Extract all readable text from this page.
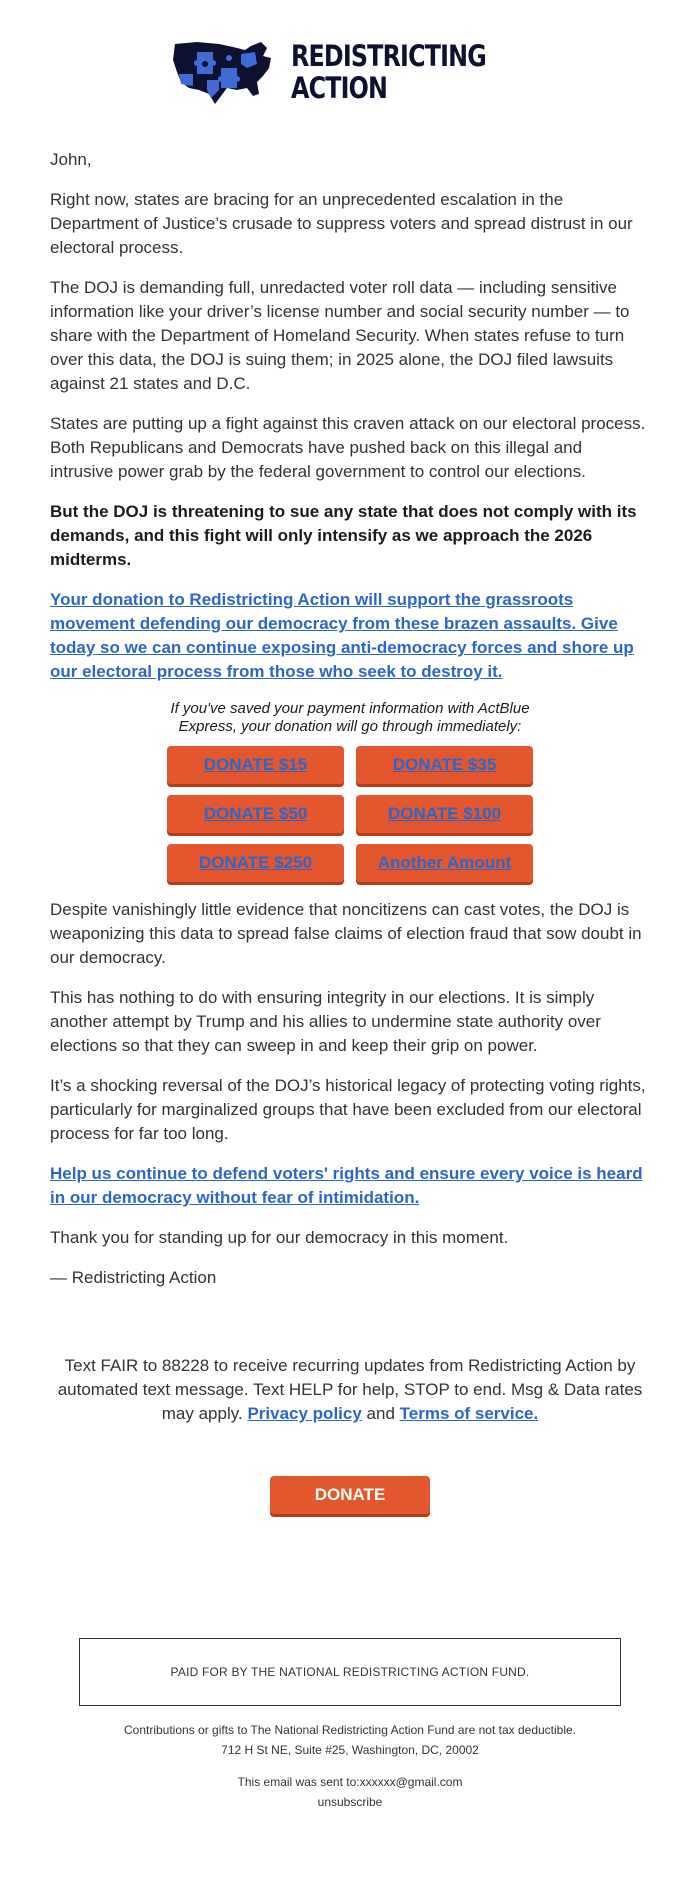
REDISTRICTING
ACTION

John,

Right now, states are bracing for an unprecedented escalation in the Department of Justice’s crusade to suppress voters and spread distrust in our electoral process.

The DOJ is demanding full, unredacted voter roll data — including sensitive information like your driver’s license number and social security number — to share with the Department of Homeland Security. When states refuse to turn over this data, the DOJ is suing them; in 2025 alone, the DOJ filed lawsuits against 21 states and D.C.

States are putting up a fight against this craven attack on our electoral process. Both Republicans and Democrats have pushed back on this illegal and intrusive power grab by the federal government to control our elections.

But the DOJ is threatening to sue any state that does not comply with its demands, and this fight will only intensify as we approach the 2026 midterms.

Your donation to Redistricting Action will support the grassroots movement defending our democracy from these brazen assaults. Give today so we can continue exposing anti-democracy forces and shore up our electoral process from those who seek to destroy it.

If you've saved your payment information with ActBlue Express, your donation will go through immediately:
DONATE $15	DONATE $35
DONATE $50	DONATE $100
DONATE $250	Another Amount

Despite vanishingly little evidence that noncitizens can cast votes, the DOJ is weaponizing this data to spread false claims of election fraud that sow doubt in our democracy.

This has nothing to do with ensuring integrity in our elections. It is simply another attempt by Trump and his allies to undermine state authority over elections so that they can sweep in and keep their grip on power.

It’s a shocking reversal of the DOJ’s historical legacy of protecting voting rights, particularly for marginalized groups that have been excluded from our electoral process for far too long.

Help us continue to defend voters' rights and ensure every voice is heard in our democracy without fear of intimidation.

Thank you for standing up for our democracy in this moment.

— Redistricting Action

Text FAIR to 88228 to receive recurring updates from Redistricting Action by automated text message. Text HELP for help, STOP to end. Msg & Data rates may apply. Privacy policy and Terms of service.
DONATE
PAID FOR BY THE NATIONAL REDISTRICTING ACTION FUND.
Contributions or gifts to The National Redistricting Action Fund are not tax deductible.
712 H St NE, Suite #25, Washington, DC, 20002
This email was sent to:xxxxxx@gmail.com
unsubscribe
